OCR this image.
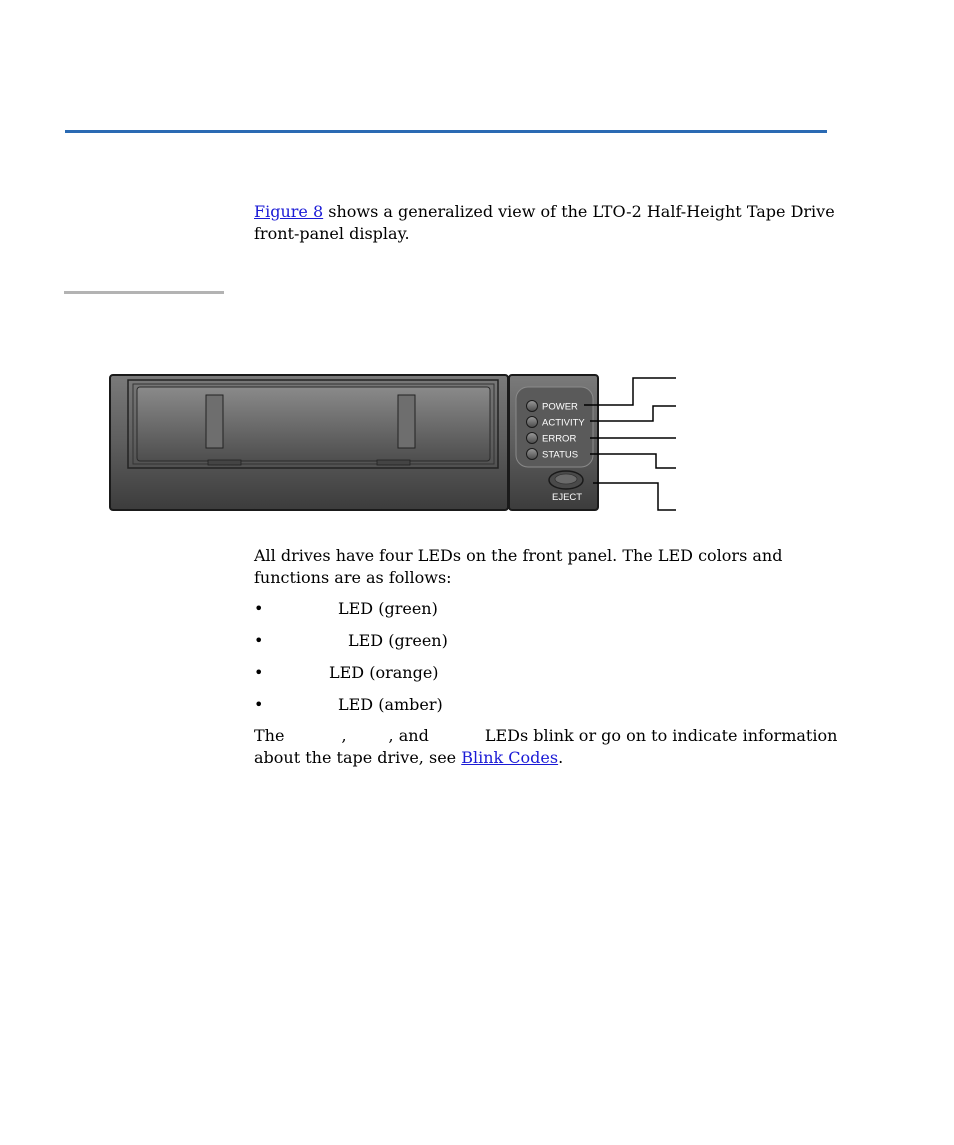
Figure 8 shows a generalized view of the LTO-2 Half-Height Tape Drive
front-panel display.

POWER
ACTIVITY
ERROR
STATUS
EJECT

All drives have four LEDs on the front panel. The LED colors and
functions are as follows:

•	LED (green)
•	LED (green)
•	LED (orange)
•	LED (amber)

The	,	, and	LEDs blink or go on to indicate information
about the tape drive, see Blink Codes.
